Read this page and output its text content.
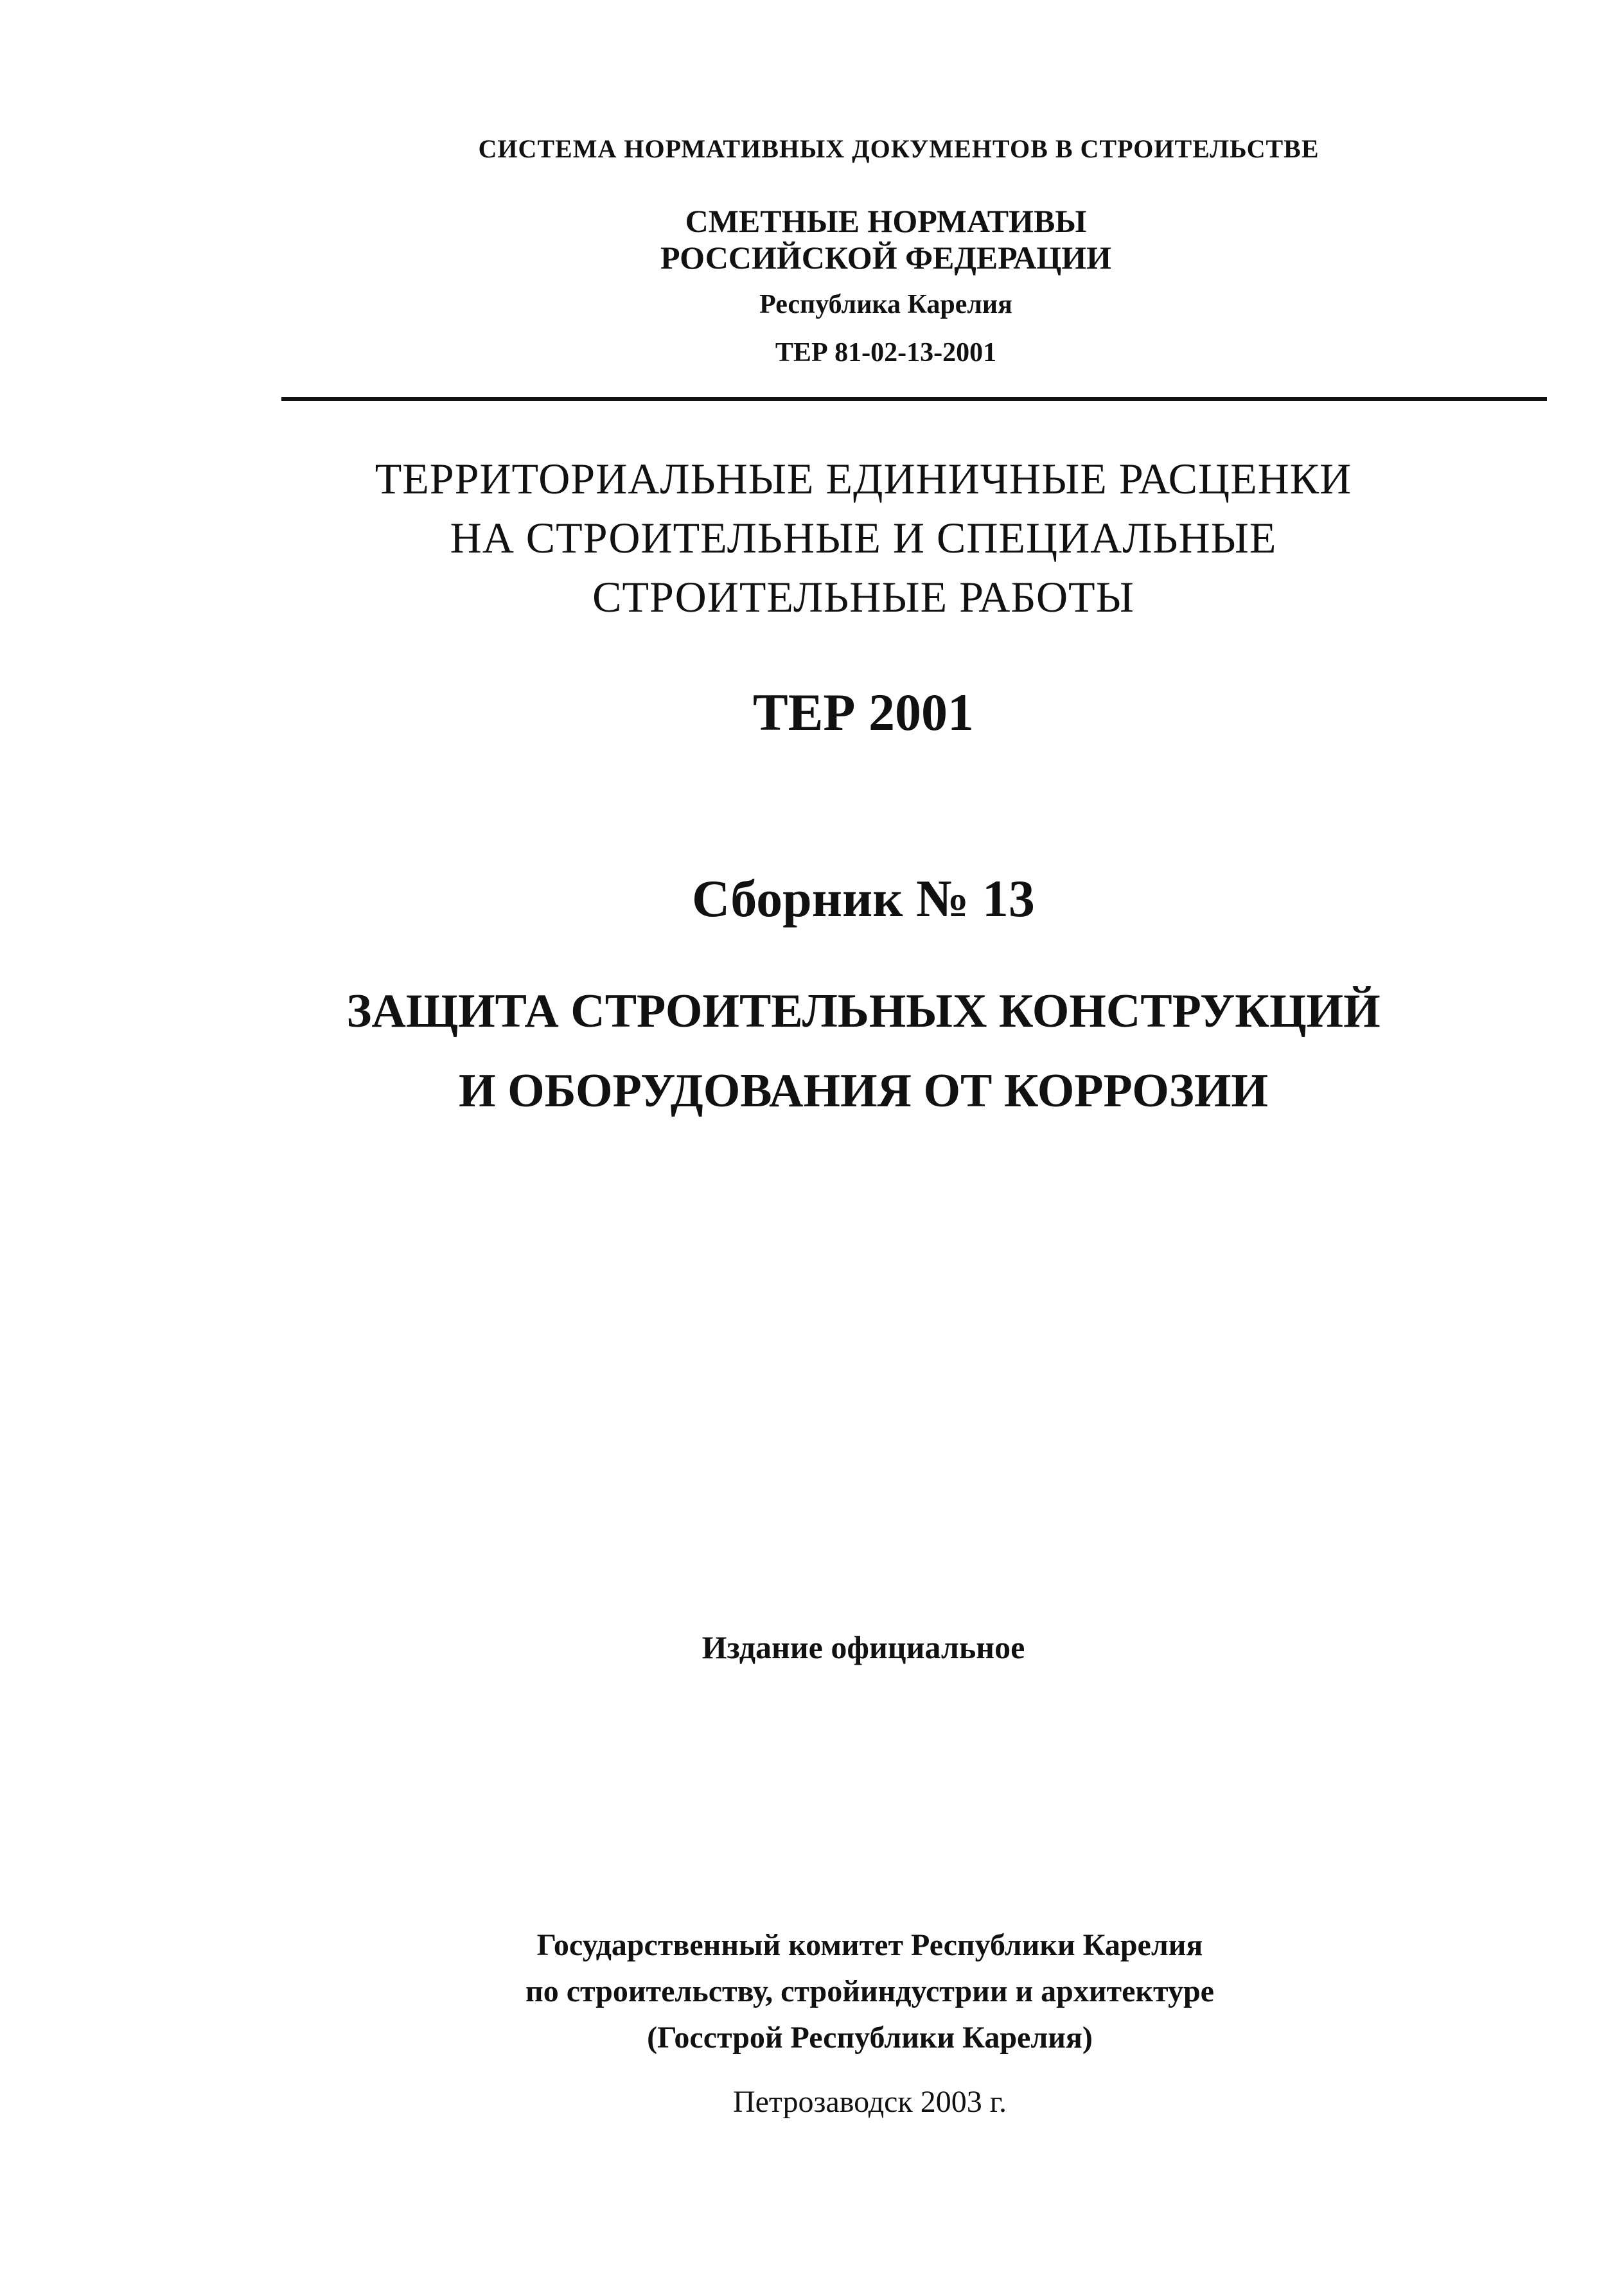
СИСТЕМА НОРМАТИВНЫХ ДОКУМЕНТОВ В СТРОИТЕЛЬСТВЕ

СМЕТНЫЕ НОРМАТИВЫ

РОССИЙСКОЙ ФЕДЕРАЦИИ

Республика Карелия

ТЕР 81-02-13-2001

ТЕРРИТОРИАЛЬНЫЕ ЕДИНИЧНЫЕ РАСЦЕНКИ

НА СТРОИТЕЛЬНЫЕ И СПЕЦИАЛЬНЫЕ

СТРОИТЕЛЬНЫЕ РАБОТЫ

ТЕР 2001

Сборник № 13

ЗАЩИТА СТРОИТЕЛЬНЫХ КОНСТРУКЦИЙ

И ОБОРУДОВАНИЯ ОТ КОРРОЗИИ

Издание официальное

Государственный комитет Республики Карелия

по строительству, стройиндустрии и архитектуре

(Госстрой Республики Карелия)

Петрозаводск 2003 г.
